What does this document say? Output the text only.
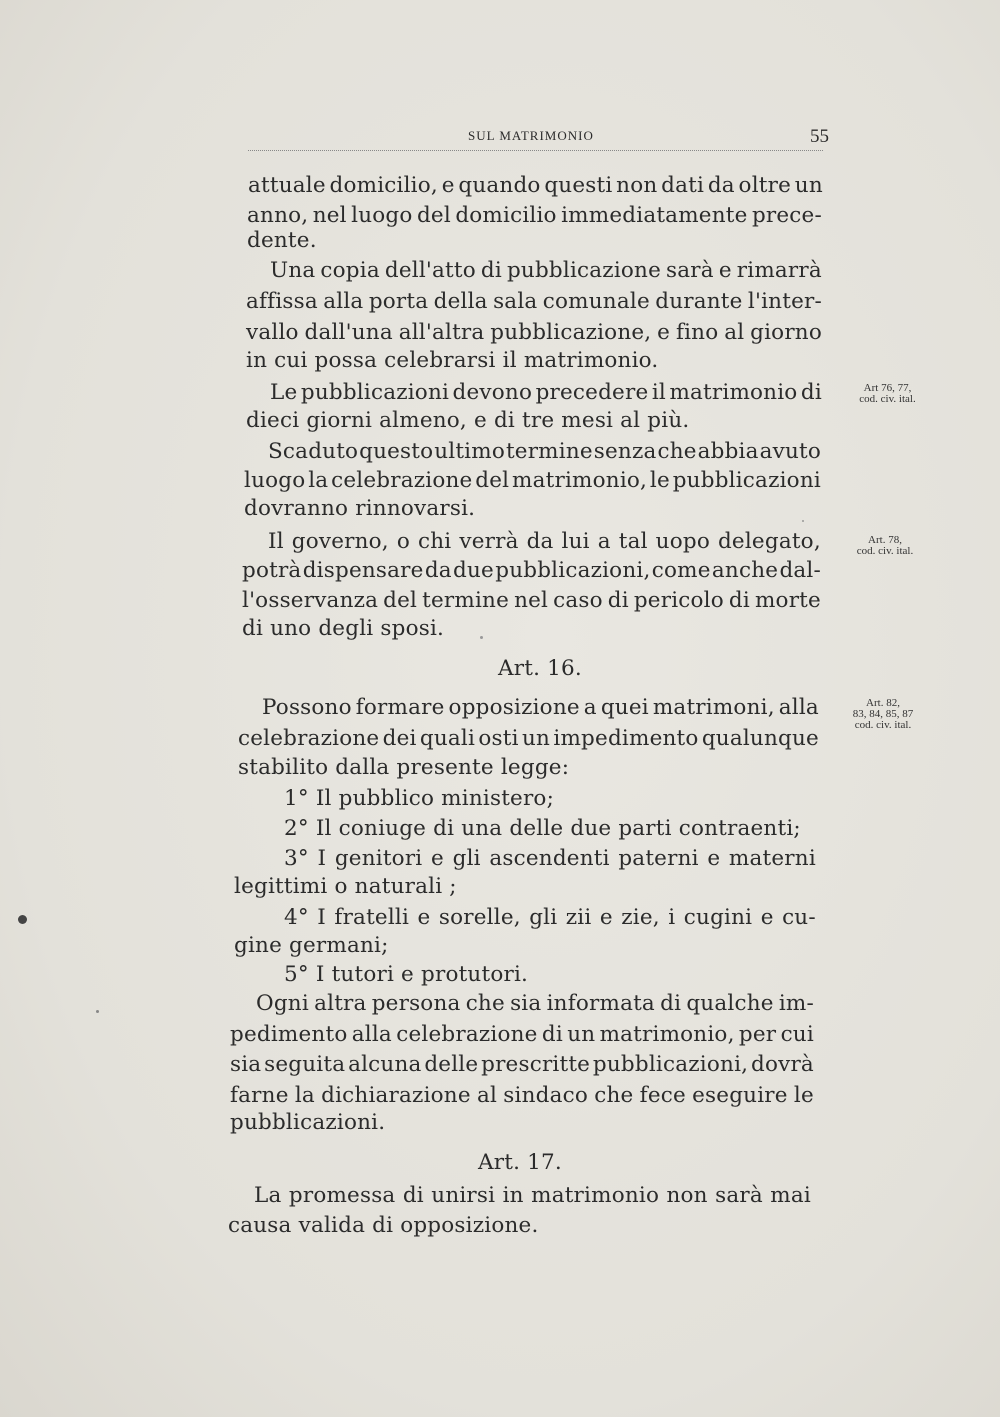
SUL MATRIMONIO	55
attuale domicilio, e quando questi non dati da oltre un
anno, nel luogo del domicilio immediatamente prece-
dente.
Una copia dell'atto di pubblicazione sarà e rimarrà
affissa alla porta della sala comunale durante l'inter-
vallo dall'una all'altra pubblicazione, e fino al giorno
in cui possa celebrarsi il matrimonio.
Le pubblicazioni devono precedere il matrimonio di
dieci giorni almeno, e di tre mesi al più.
Scaduto questo ultimo termine senza che abbia avuto
luogo la celebrazione del matrimonio, le pubblicazioni
dovranno rinnovarsi.
Il governo, o chi verrà da lui a tal uopo delegato,
potrà dispensare da due pubblicazioni, come anche dal-
l'osservanza del termine nel caso di pericolo di morte
di uno degli sposi.
Art. 16.
Possono formare opposizione a quei matrimoni, alla
celebrazione dei quali osti un impedimento qualunque
stabilito dalla presente legge:
1° Il pubblico ministero;
2° Il coniuge di una delle due parti contraenti;
3° I genitori e gli ascendenti paterni e materni
legittimi o naturali ;
4° I fratelli e sorelle, gli zii e zie, i cugini e cu-
gine germani;
5° I tutori e protutori.
Ogni altra persona che sia informata di qualche im-
pedimento alla celebrazione di un matrimonio, per cui
sia seguita alcuna delle prescritte pubblicazioni, dovrà
farne la dichiarazione al sindaco che fece eseguire le
pubblicazioni.
Art. 17.
La promessa di unirsi in matrimonio non sarà mai
causa valida di opposizione.
Art 76, 77,
cod. civ. ital.
Art. 78,
cod. civ. ital.
Art. 82,
83, 84, 85, 87
cod. civ. ital.
